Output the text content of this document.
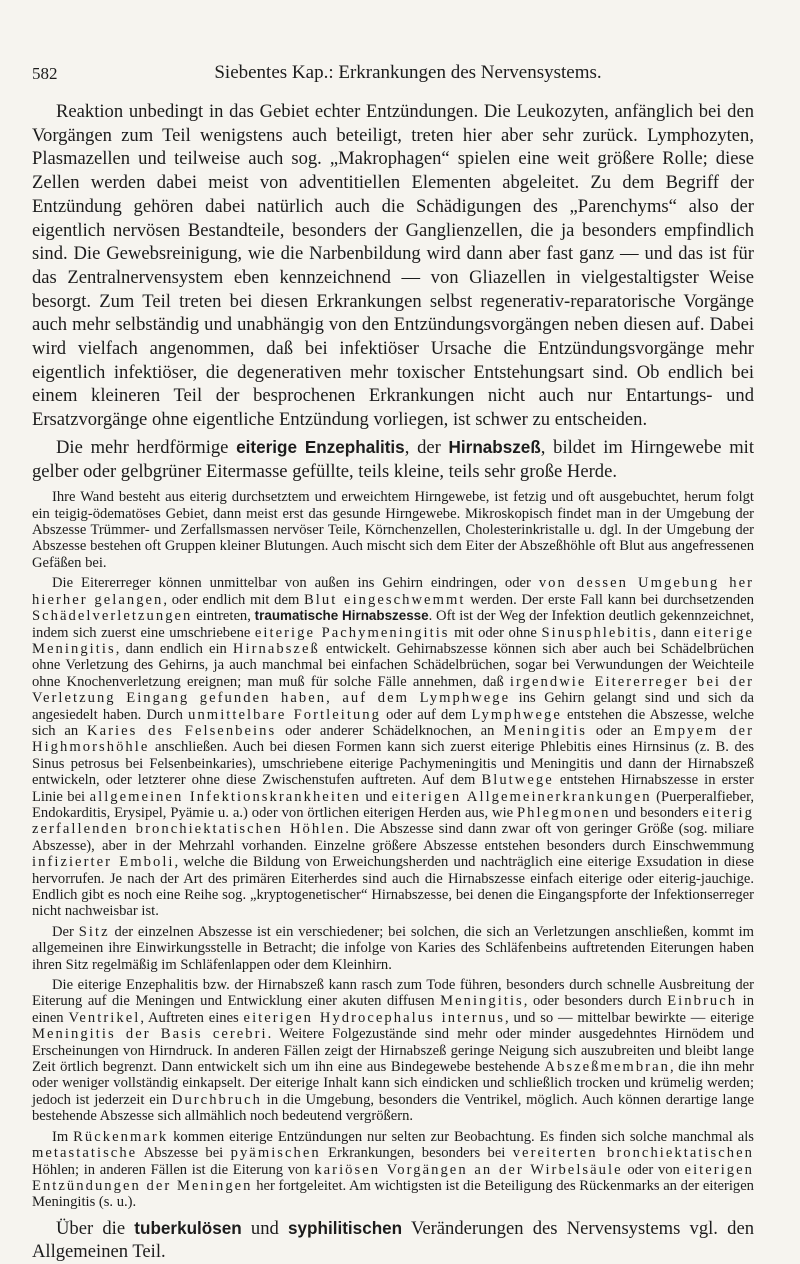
582	Siebentes Kap.: Erkrankungen des Nervensystems.

Reaktion unbedingt in das Gebiet echter Entzündungen. Die Leukozyten, anfänglich bei den Vorgängen zum Teil wenigstens auch beteiligt, treten hier aber sehr zurück. Lymphozyten, Plasmazellen und teilweise auch sog. „Makrophagen“ spielen eine weit größere Rolle; diese Zellen werden dabei meist von adventitiellen Elementen abgeleitet. Zu dem Begriff der Entzündung gehören dabei natürlich auch die Schädigungen des „Parenchyms“ also der eigentlich nervösen Bestandteile, besonders der Ganglienzellen, die ja besonders empfindlich sind. Die Gewebsreinigung, wie die Narbenbildung wird dann aber fast ganz — und das ist für das Zentralnervensystem eben kennzeichnend — von Gliazellen in vielgestaltigster Weise besorgt. Zum Teil treten bei diesen Erkrankungen selbst regenerativ-reparatorische Vorgänge auch mehr selbständig und unabhängig von den Entzündungsvorgängen neben diesen auf. Dabei wird vielfach angenommen, daß bei infektiöser Ursache die Entzündungsvorgänge mehr eigentlich infektiöser, die degenerativen mehr toxischer Entstehungsart sind. Ob endlich bei einem kleineren Teil der besprochenen Erkrankungen nicht auch nur Entartungs- und Ersatzvorgänge ohne eigentliche Entzündung vorliegen, ist schwer zu entscheiden.

Die mehr herdförmige eiterige Enzephalitis, der Hirnabszeß, bildet im Hirngewebe mit gelber oder gelbgrüner Eitermasse gefüllte, teils kleine, teils sehr große Herde.

Ihre Wand besteht aus eiterig durchsetztem und erweichtem Hirngewebe, ist fetzig und oft ausgebuchtet, herum folgt ein teigig-ödematöses Gebiet, dann meist erst das gesunde Hirngewebe. Mikroskopisch findet man in der Umgebung der Abszesse Trümmer- und Zerfallsmassen nervöser Teile, Körnchenzellen, Cholesterinkristalle u. dgl. In der Umgebung der Abszesse bestehen oft Gruppen kleiner Blutungen. Auch mischt sich dem Eiter der Abszeßhöhle oft Blut aus angefressenen Gefäßen bei.

Die Eitererreger können unmittelbar von außen ins Gehirn eindringen, oder von dessen Umgebung her hierher gelangen, oder endlich mit dem Blut eingeschwemmt werden. Der erste Fall kann bei durchsetzenden Schädelverletzungen eintreten, traumatische Hirnabszesse. Oft ist der Weg der Infektion deutlich gekennzeichnet, indem sich zuerst eine umschriebene eiterige Pachymeningitis mit oder ohne Sinusphlebitis, dann eiterige Meningitis, dann endlich ein Hirnabszeß entwickelt. Gehirnabszesse können sich aber auch bei Schädelbrüchen ohne Verletzung des Gehirns, ja auch manchmal bei einfachen Schädelbrüchen, sogar bei Verwundungen der Weichteile ohne Knochenverletzung ereignen; man muß für solche Fälle annehmen, daß irgendwie Eitererreger bei der Verletzung Eingang gefunden haben, auf dem Lymphwege ins Gehirn gelangt sind und sich da angesiedelt haben. Durch unmittelbare Fortleitung oder auf dem Lymphwege entstehen die Abszesse, welche sich an Karies des Felsenbeins oder anderer Schädelknochen, an Meningitis oder an Empyem der Highmorshöhle anschließen. Auch bei diesen Formen kann sich zuerst eiterige Phlebitis eines Hirnsinus (z. B. des Sinus petrosus bei Felsenbeinkaries), umschriebene eiterige Pachymeningitis und Meningitis und dann der Hirnabszeß entwickeln, oder letzterer ohne diese Zwischenstufen auftreten. Auf dem Blutwege entstehen Hirnabszesse in erster Linie bei allgemeinen Infektionskrankheiten und eiterigen Allgemeinerkrankungen (Puerperalfieber, Endokarditis, Erysipel, Pyämie u. a.) oder von örtlichen eiterigen Herden aus, wie Phlegmonen und besonders eiterig zerfallenden bronchiektatischen Höhlen. Die Abszesse sind dann zwar oft von geringer Größe (sog. miliare Abszesse), aber in der Mehrzahl vorhanden. Einzelne größere Abszesse entstehen besonders durch Einschwemmung infizierter Emboli, welche die Bildung von Erweichungsherden und nachträglich eine eiterige Exsudation in diese hervorrufen. Je nach der Art des primären Eiterherdes sind auch die Hirnabszesse einfach eiterige oder eiterig-jauchige. Endlich gibt es noch eine Reihe sog. „kryptogenetischer“ Hirnabszesse, bei denen die Eingangspforte der Infektionserreger nicht nachweisbar ist.

Der Sitz der einzelnen Abszesse ist ein verschiedener; bei solchen, die sich an Verletzungen anschließen, kommt im allgemeinen ihre Einwirkungsstelle in Betracht; die infolge von Karies des Schläfenbeins auftretenden Eiterungen haben ihren Sitz regelmäßig im Schläfenlappen oder dem Kleinhirn.

Die eiterige Enzephalitis bzw. der Hirnabszeß kann rasch zum Tode führen, besonders durch schnelle Ausbreitung der Eiterung auf die Meningen und Entwicklung einer akuten diffusen Meningitis, oder besonders durch Einbruch in einen Ventrikel, Auftreten eines eiterigen Hydrocephalus internus, und so — mittelbar bewirkte — eiterige Meningitis der Basis cerebri. Weitere Folgezustände sind mehr oder minder ausgedehntes Hirnödem und Erscheinungen von Hirndruck. In anderen Fällen zeigt der Hirnabszeß geringe Neigung sich auszubreiten und bleibt lange Zeit örtlich begrenzt. Dann entwickelt sich um ihn eine aus Bindegewebe bestehende Abszeßmembran, die ihn mehr oder weniger vollständig einkapselt. Der eiterige Inhalt kann sich eindicken und schließlich trocken und krümelig werden; jedoch ist jederzeit ein Durchbruch in die Umgebung, besonders die Ventrikel, möglich. Auch können derartige lange bestehende Abszesse sich allmählich noch bedeutend vergrößern.

Im Rückenmark kommen eiterige Entzündungen nur selten zur Beobachtung. Es finden sich solche manchmal als metastatische Abszesse bei pyämischen Erkrankungen, besonders bei vereiterten bronchiektatischen Höhlen; in anderen Fällen ist die Eiterung von kariösen Vorgängen an der Wirbelsäule oder von eiterigen Entzündungen der Meningen her fortgeleitet. Am wichtigsten ist die Beteiligung des Rückenmarks an der eiterigen Meningitis (s. u.).

Über die tuberkulösen und syphilitischen Veränderungen des Nervensystems vgl. den Allgemeinen Teil.
